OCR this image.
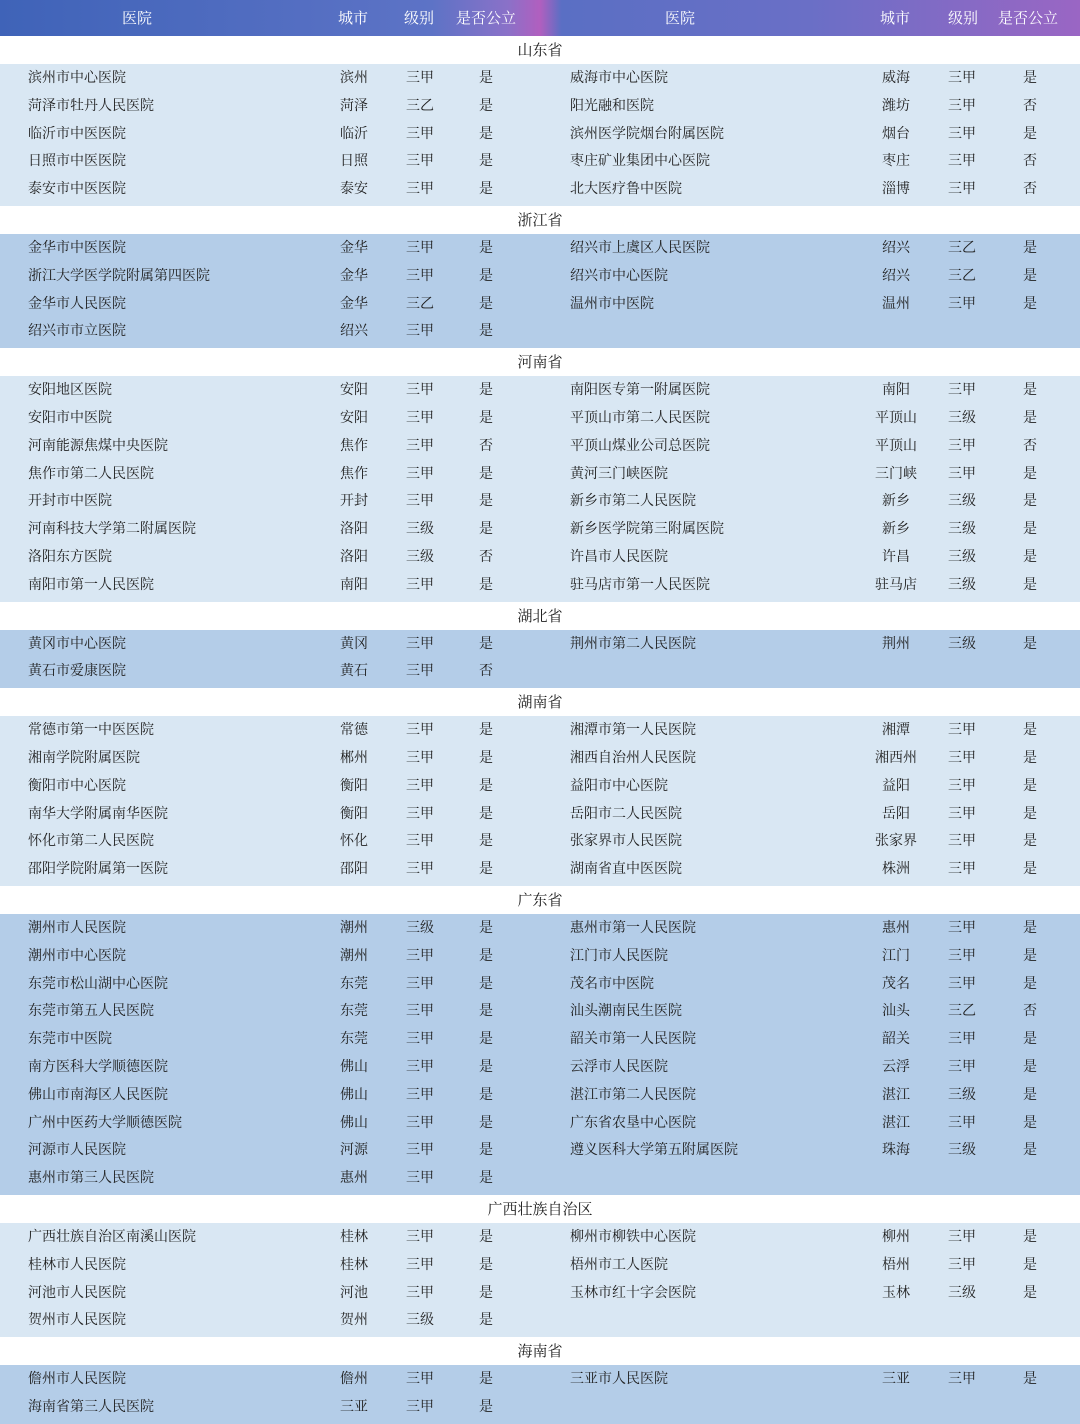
医院	城市 级别 是否公立	医院	城市	级别 是否公立
山东省
滨州市中心医院	滨州	三甲	是	威海市中心医院	威海	三甲	是
菏泽市牡丹人民医院	菏泽	三乙	是	阳光融和医院	潍坊	三甲	否
临沂市中医医院	临沂	三甲	是	滨州医学院烟台附属医院	烟台	三甲	是
日照市中医医院	日照	三甲	是	枣庄矿业集团中心医院	枣庄	三甲	否
泰安市中医医院	泰安	三甲	是	北大医疗鲁中医院	淄博	三甲	否
浙江省
金华市中医医院	金华	三甲	是	绍兴市上虞区人民医院	绍兴	三乙	是
浙江大学医学院附属第四医院	金华	三甲	是	绍兴市中心医院	绍兴	三乙	是
金华市人民医院	金华	三乙	是	温州市中医院	温州	三甲	是
绍兴市市立医院	绍兴	三甲	是
河南省
安阳地区医院	安阳	三甲	是	南阳医专第一附属医院	南阳	三甲	是
安阳市中医院	安阳	三甲	是	平顶山市第二人民医院	平顶山	三级	是
河南能源焦煤中央医院	焦作	三甲	否	平顶山煤业公司总医院	平顶山	三甲	否
焦作市第二人民医院	焦作	三甲	是	黄河三门峡医院	三门峡	三甲	是
开封市中医院	开封	三甲	是	新乡市第二人民医院	新乡	三级	是
河南科技大学第二附属医院	洛阳	三级	是	新乡医学院第三附属医院	新乡	三级	是
洛阳东方医院	洛阳	三级	否	许昌市人民医院	许昌	三级	是
南阳市第一人民医院	南阳	三甲	是	驻马店市第一人民医院	驻马店	三级	是
湖北省
黄冈市中心医院	黄冈	三甲	是	荆州市第二人民医院	荆州	三级	是
黄石市爱康医院	黄石	三甲	否
湖南省
常德市第一中医医院	常德	三甲	是	湘潭市第一人民医院	湘潭	三甲	是
湘南学院附属医院	郴州	三甲	是	湘西自治州人民医院	湘西州	三甲	是
衡阳市中心医院	衡阳	三甲	是	益阳市中心医院	益阳	三甲	是
南华大学附属南华医院	衡阳	三甲	是	岳阳市二人民医院	岳阳	三甲	是
怀化市第二人民医院	怀化	三甲	是	张家界市人民医院	张家界	三甲	是
邵阳学院附属第一医院	邵阳	三甲	是	湖南省直中医医院	株洲	三甲	是
广东省
潮州市人民医院	潮州	三级	是	惠州市第一人民医院	惠州	三甲	是
潮州市中心医院	潮州	三甲	是	江门市人民医院	江门	三甲	是
东莞市松山湖中心医院	东莞	三甲	是	茂名市中医院	茂名	三甲	是
东莞市第五人民医院	东莞	三甲	是	汕头潮南民生医院	汕头	三乙	否
东莞市中医院	东莞	三甲	是	韶关市第一人民医院	韶关	三甲	是
南方医科大学顺德医院	佛山	三甲	是	云浮市人民医院	云浮	三甲	是
佛山市南海区人民医院	佛山	三甲	是	湛江市第二人民医院	湛江	三级	是
广州中医药大学顺德医院	佛山	三甲	是	广东省农垦中心医院	湛江	三甲	是
河源市人民医院	河源	三甲	是	遵义医科大学第五附属医院	珠海	三级	是
惠州市第三人民医院	惠州	三甲	是
广西壮族自治区
广西壮族自治区南溪山医院	桂林	三甲	是	柳州市柳铁中心医院	柳州	三甲	是
桂林市人民医院	桂林	三甲	是	梧州市工人医院	梧州	三甲	是
河池市人民医院	河池	三甲	是	玉林市红十字会医院	玉林	三级	是
贺州市人民医院	贺州	三级	是
海南省
儋州市人民医院	儋州	三甲	是	三亚市人民医院	三亚	三甲	是
海南省第三人民医院	三亚	三甲	是
